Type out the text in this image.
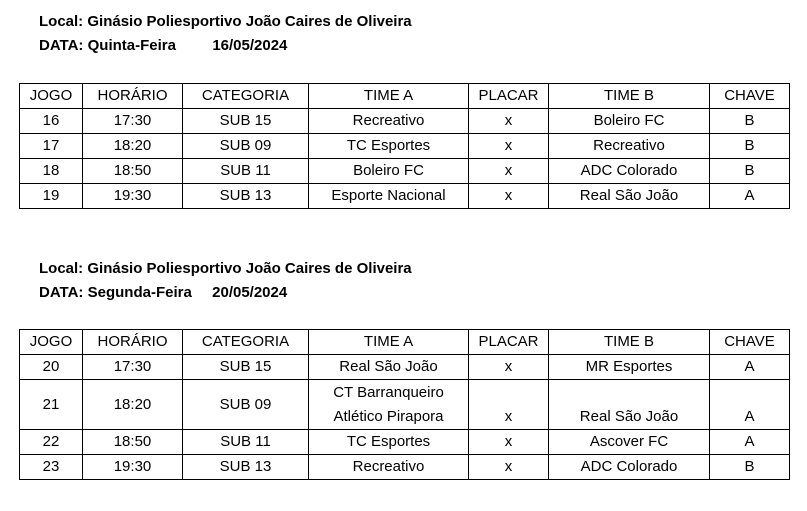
Local: Ginásio Poliesportivo João Caires de Oliveira
DATA: Quinta-Feira 16/05/2024
JOGO	HORÁRIO	CATEGORIA	TIME A	PLACAR	TIME B	CHAVE
16	17:30	SUB 15	Recreativo	x	Boleiro FC	B
17	18:20	SUB 09	TC Esportes	x	Recreativo	B
18	18:50	SUB 11	Boleiro FC	x	ADC Colorado	B
19	19:30	SUB 13	Esporte Nacional	x	Real São João	A
Local: Ginásio Poliesportivo João Caires de Oliveira
DATA: Segunda-Feira 20/05/2024
JOGO	HORÁRIO	CATEGORIA	TIME A	PLACAR	TIME B	CHAVE
20	17:30	SUB 15	Real São João	x	MR Esportes	A
21	18:20	SUB 09	CT Barranqueiro
Atlético Pirapora	x	Real São João	A
22	18:50	SUB 11	TC Esportes	x	Ascover FC	A
23	19:30	SUB 13	Recreativo	x	ADC Colorado	B
